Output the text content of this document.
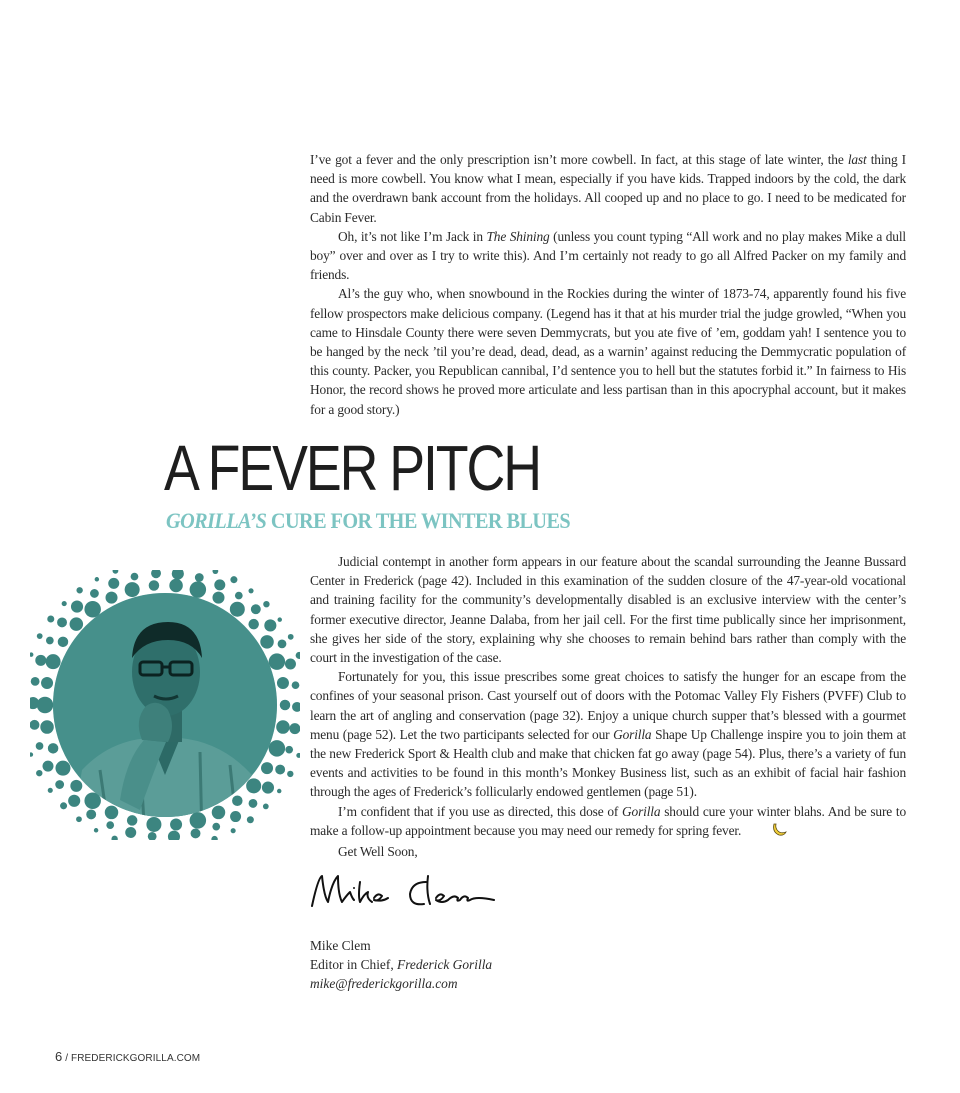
I’ve got a fever and the only prescription isn’t more cowbell. In fact, at this stage of late winter, the last thing I need is more cowbell. You know what I mean, especially if you have kids. Trapped indoors by the cold, the dark and the overdrawn bank account from the holidays. All cooped up and no place to go. I need to be medicated for Cabin Fever.

Oh, it’s not like I’m Jack in The Shining (unless you count typing “All work and no play makes Mike a dull boy” over and over as I try to write this). And I’m certainly not ready to go all Alfred Packer on my family and friends.

Al’s the guy who, when snowbound in the Rockies during the winter of 1873-74, apparently found his five fellow prospectors make delicious company. (Legend has it that at his murder trial the judge growled, “When you came to Hinsdale County there were seven Demmycrats, but you ate five of ’em, goddam yah! I sentence you to be hanged by the neck ’til you’re dead, dead, dead, as a warnin’ against reducing the Demmycratic population of this county. Packer, you Republican cannibal, I’d sentence you to hell but the statutes forbid it.” In fairness to His Honor, the record shows he proved more articulate and less partisan than in this apocryphal account, but it makes for a good story.)

A FEVER PITCH
GORILLA’S CURE FOR THE WINTER BLUES

Judicial contempt in another form appears in our feature about the scandal surrounding the Jeanne Bussard Center in Frederick (page 42). Included in this examination of the sudden closure of the 47-year-old vocational and training facility for the community’s developmentally disabled is an exclusive interview with the center’s former executive director, Jeanne Dalaba, from her jail cell. For the first time publically since her imprisonment, she gives her side of the story, explaining why she chooses to remain behind bars rather than comply with the court in the investigation of the case.

Fortunately for you, this issue prescribes some great choices to satisfy the hunger for an escape from the confines of your seasonal prison. Cast yourself out of doors with the Potomac Valley Fly Fishers (PVFF) Club to learn the art of angling and conservation (page 32). Enjoy a unique church supper that’s blessed with a gourmet menu (page 52). Let the two participants selected for our Gorilla Shape Up Challenge inspire you to join them at the new Frederick Sport & Health club and make that chicken fat go away (page 54). Plus, there’s a variety of fun events and activities to be found in this month’s Monkey Business list, such as an exhibit of facial hair fashion through the ages of Frederick’s follicularly endowed gentlemen (page 51).

I’m confident that if you use as directed, this dose of Gorilla should cure your winter blahs. And be sure to make a follow-up appointment because you may need our remedy for spring fever.

Get Well Soon,

Mike Clem
Editor in Chief, Frederick Gorilla
mike@frederickgorilla.com
6 / FREDERICKGORILLA.COM
